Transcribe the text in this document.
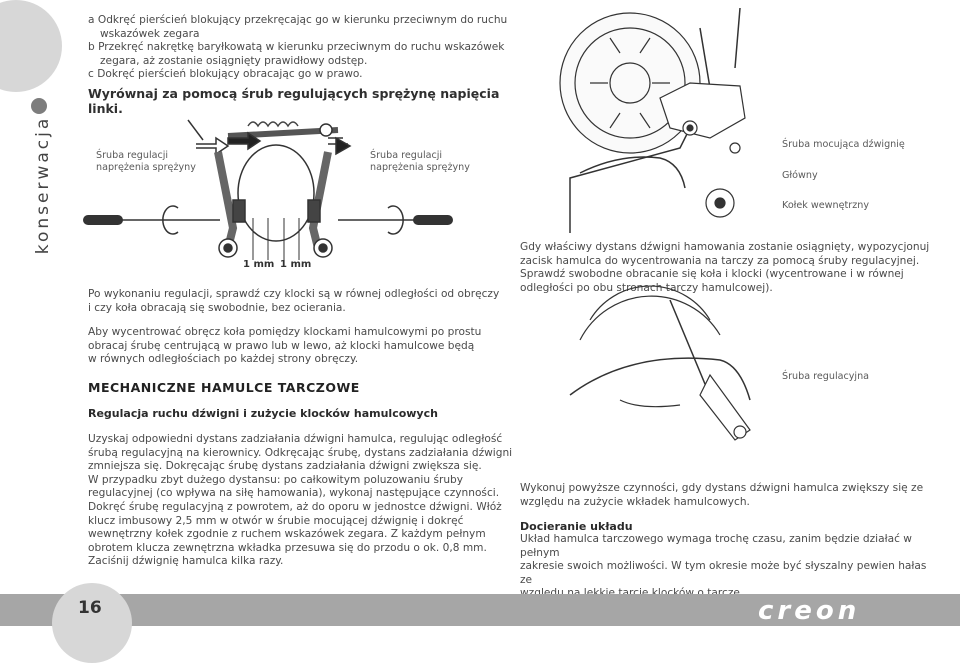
konserwacja
a Odkręć pierścień blokujący przekręcając go w kierunku przeciwnym do ruchu
wskazówek zegara
b Przekręć nakrętkę baryłkowatą w kierunku przeciwnym do ruchu wskazówek
zegara, aż zostanie osiągnięty prawidłowy odstęp.
c Dokręć pierścień blokujący obracając go w prawo.
Wyrównaj za pomocą śrub regulujących sprężynę napięcia linki.
Śruba regulacji
naprężenia sprężyny
Śruba regulacji
naprężenia sprężyny
1 mm 1 mm
Po wykonaniu regulacji, sprawdź czy klocki są w równej odległości od obręczy
i czy koła obracają się swobodnie, bez ocierania.
Aby wycentrować obręcz koła pomiędzy klockami hamulcowymi po prostu
obracaj śrubę centrującą w prawo lub w lewo, aż klocki hamulcowe będą
w równych odległościach po każdej strony obręczy.
MECHANICZNE HAMULCE TARCZOWE
Regulacja ruchu dźwigni i zużycie klocków hamulcowych
Uzyskaj odpowiedni dystans zadziałania dźwigni hamulca, regulując odległość
śrubą regulacyjną na kierownicy. Odkręcając śrubę, dystans zadziałania dźwigni
zmniejsza się. Dokręcając śrubę dystans zadziałania dźwigni zwiększa się.
W przypadku zbyt dużego dystansu: po całkowitym poluzowaniu śruby
regulacyjnej (co wpływa na siłę hamowania), wykonaj następujące czynności.
Dokręć śrubę regulacyjną z powrotem, aż do oporu w jednostce dźwigni. Włóż
klucz imbusowy 2,5 mm w otwór w śrubie mocującej dźwignię i dokręć
wewnętrzny kołek zgodnie z ruchem wskazówek zegara. Z każdym pełnym
obrotem klucza zewnętrzna wkładka przesuwa się do przodu o ok. 0,8 mm.
Zaciśnij dźwignię hamulca kilka razy.
Śruba mocująca dźwignię
Główny
Kołek wewnętrzny
Gdy właściwy dystans dźwigni hamowania zostanie osiągnięty, wypozycjonuj
zacisk hamulca do wycentrowania na tarczy za pomocą śruby regulacyjnej.
Sprawdź swobodne obracanie się koła i klocki (wycentrowane i w równej
odległości po obu stronach tarczy hamulcowej).
Śruba regulacyjna
Wykonuj powyższe czynności, gdy dystans dźwigni hamulca zwiększy się ze
względu na zużycie wkładek hamulcowych.
Docieranie układu
Układ hamulca tarczowego wymaga trochę czasu, zanim będzie działać w pełnym
zakresie swoich możliwości. W tym okresie może być słyszalny pewien hałas ze
16	creon
